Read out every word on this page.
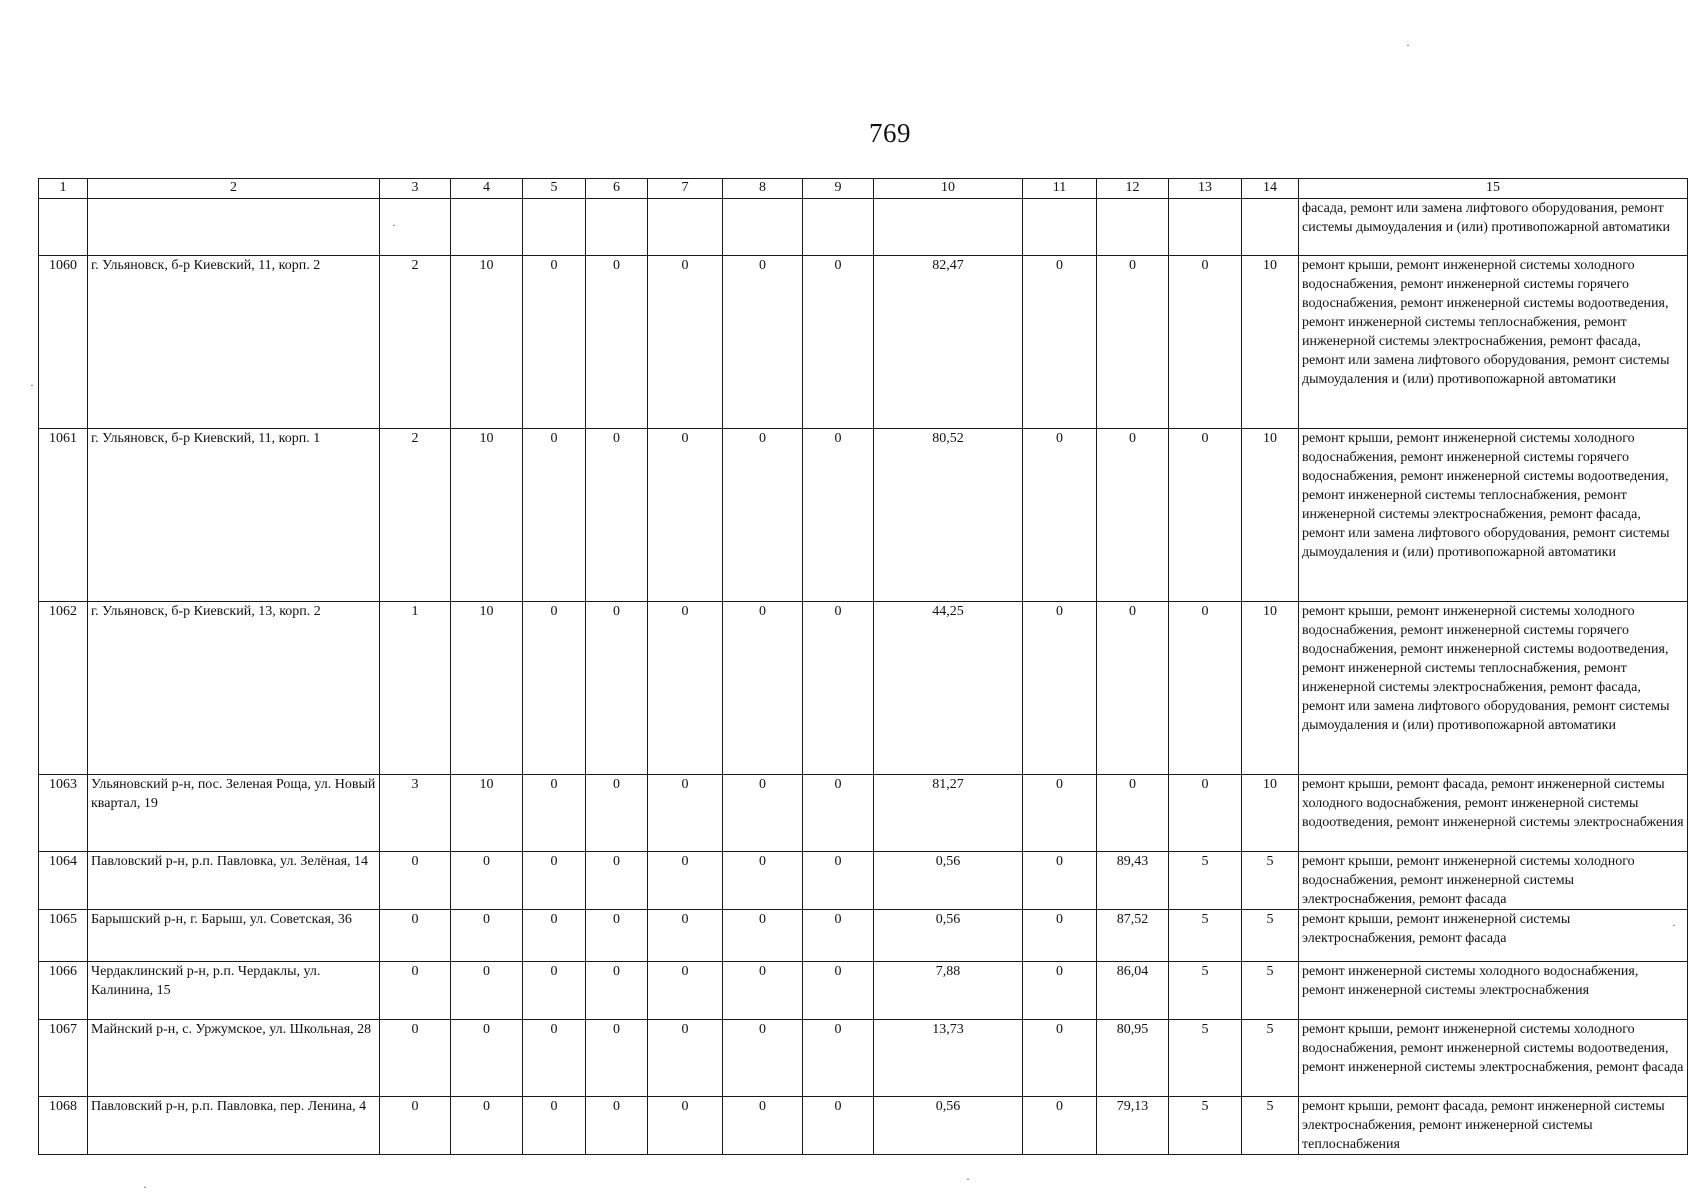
769
1	2	3	4	5	6	7	8	9	10	11	12	13	14	15
														фасада, ремонт или замена лифтового оборудования, ремонт системы дымоудаления и (или) противопожарной автоматики
1060	г. Ульяновск, б-р Киевский, 11, корп. 2	2	10	0	0	0	0	0	82,47	0	0	0	10	ремонт крыши, ремонт инженерной системы холодного водоснабжения, ремонт инженерной системы горячего водоснабжения, ремонт инженерной системы водоотведения, ремонт инженерной системы теплоснабжения, ремонт инженерной системы электроснабжения, ремонт фасада, ремонт или замена лифтового оборудования, ремонт системы дымоудаления и (или) противопожарной автоматики
1061	г. Ульяновск, б-р Киевский, 11, корп. 1	2	10	0	0	0	0	0	80,52	0	0	0	10	ремонт крыши, ремонт инженерной системы холодного водоснабжения, ремонт инженерной системы горячего водоснабжения, ремонт инженерной системы водоотведения, ремонт инженерной системы теплоснабжения, ремонт инженерной системы электроснабжения, ремонт фасада, ремонт или замена лифтового оборудования, ремонт системы дымоудаления и (или) противопожарной автоматики
1062	г. Ульяновск, б-р Киевский, 13, корп. 2	1	10	0	0	0	0	0	44,25	0	0	0	10	ремонт крыши, ремонт инженерной системы холодного водоснабжения, ремонт инженерной системы горячего водоснабжения, ремонт инженерной системы водоотведения, ремонт инженерной системы теплоснабжения, ремонт инженерной системы электроснабжения, ремонт фасада, ремонт или замена лифтового оборудования, ремонт системы дымоудаления и (или) противопожарной автоматики
1063	Ульяновский р-н, пос. Зеленая Роща, ул. Новый квартал, 19	3	10	0	0	0	0	0	81,27	0	0	0	10	ремонт крыши, ремонт фасада, ремонт инженерной системы холодного водоснабжения, ремонт инженерной системы водоотведения, ремонт инженерной системы электроснабжения
1064	Павловский р-н, р.п. Павловка, ул. Зелёная, 14	0	0	0	0	0	0	0	0,56	0	89,43	5	5	ремонт крыши, ремонт инженерной системы холодного водоснабжения, ремонт инженерной системы электроснабжения, ремонт фасада
1065	Барышский р-н, г. Барыш, ул. Советская, 36	0	0	0	0	0	0	0	0,56	0	87,52	5	5	ремонт крыши, ремонт инженерной системы электроснабжения, ремонт фасада
1066	Чердаклинский р-н, р.п. Чердаклы, ул. Калинина, 15	0	0	0	0	0	0	0	7,88	0	86,04	5	5	ремонт инженерной системы холодного водоснабжения, ремонт инженерной системы электроснабжения
1067	Майнский р-н, с. Уржумское, ул. Школьная, 28	0	0	0	0	0	0	0	13,73	0	80,95	5	5	ремонт крыши, ремонт инженерной системы холодного водоснабжения, ремонт инженерной системы водоотведения, ремонт инженерной системы электроснабжения, ремонт фасада
1068	Павловский р-н, р.п. Павловка, пер. Ленина, 4	0	0	0	0	0	0	0	0,56	0	79,13	5	5	ремонт крыши, ремонт фасада, ремонт инженерной системы электроснабжения, ремонт инженерной системы теплоснабжения
·
·
·
·
·
·
